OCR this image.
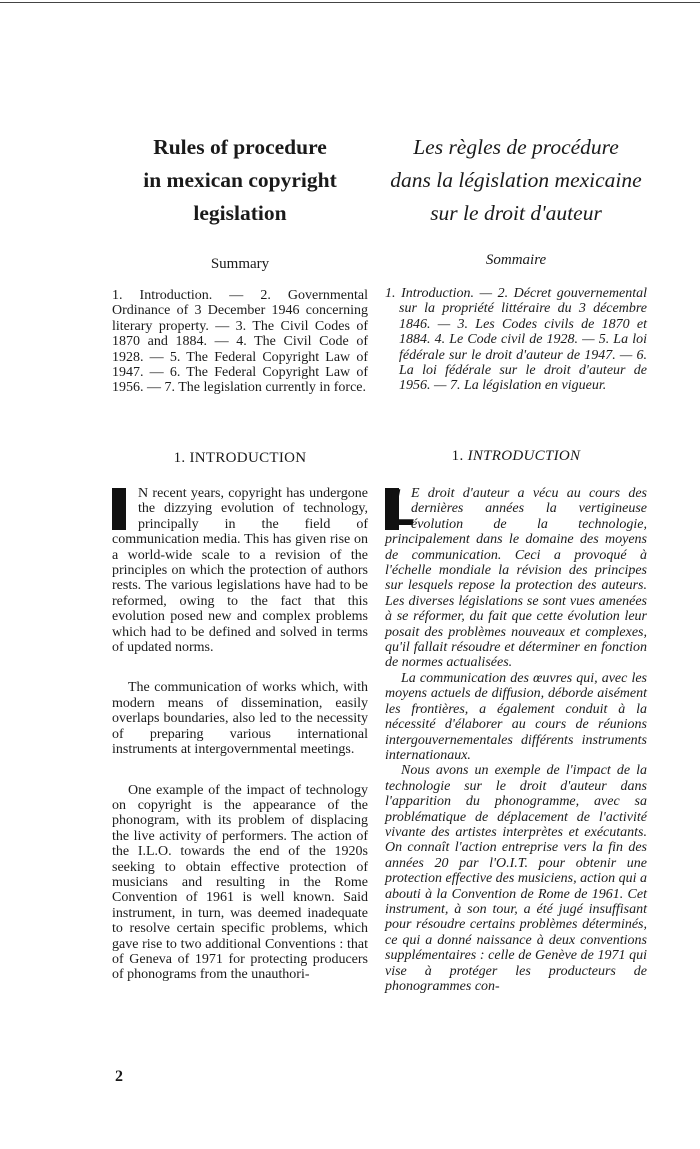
Rules of procedure
in mexican copyright
legislation
Summary
1. Introduction. — 2. Governmental Ordinance of 3 December 1946 concerning literary property. — 3. The Civil Codes of 1870 and 1884. — 4. The Civil Code of 1928. — 5. The Federal Copyright Law of 1947. — 6. The Federal Copyright Law of 1956. — 7. The legislation currently in force.
1. INTRODUCTION

I N recent years, copyright has undergone the dizzying evolution of technology, principally in the field of communication media. This has given rise on a world-wide scale to a revision of the principles on which the protection of authors rests. The various legislations have had to be reformed, owing to the fact that this evolution posed new and complex problems which had to be defined and solved in terms of updated norms.

The communication of works which, with modern means of dissemination, easily overlaps boundaries, also led to the necessity of preparing various international instruments at intergovernmental meetings.

One example of the impact of technology on copyright is the appearance of the phonogram, with its problem of displacing the live activity of performers. The action of the I.L.O. towards the end of the 1920s seeking to obtain effective protection of musicians and resulting in the Rome Convention of 1961 is well known. Said instrument, in turn, was deemed inadequate to resolve certain specific problems, which gave rise to two additional Conventions : that of Geneva of 1971 for protecting producers of phonograms from the unauthori-

Les règles de procédure
dans la législation mexicaine
sur le droit d'auteur
Sommaire
1. Introduction. — 2. Décret gouvernemental sur la propriété littéraire du 3 décembre 1846. — 3. Les Codes civils de 1870 et 1884. 4. Le Code civil de 1928. — 5. La loi fédérale sur le droit d'auteur de 1947. — 6. La loi fédérale sur le droit d'auteur de 1956. — 7. La législation en vigueur.
1. INTRODUCTION

L
E droit d'auteur a vécu au cours des dernières années la vertigineuse évolution de la technologie, principalement dans le domaine des moyens de communication. Ceci a provoqué à l'échelle mondiale la révision des principes sur lesquels repose la protection des auteurs. Les diverses législations se sont vues amenées à se réformer, du fait que cette évolution leur posait des problèmes nouveaux et complexes, qu'il fallait résoudre et déterminer en fonction de normes actualisées.

La communication des œuvres qui, avec les moyens actuels de diffusion, déborde aisément les frontières, a également conduit à la nécessité d'élaborer au cours de réunions intergouvernementales différents instruments internationaux.

Nous avons un exemple de l'impact de la technologie sur le droit d'auteur dans l'apparition du phonogramme, avec sa problématique de déplacement de l'activité vivante des artistes interprètes et exécutants. On connaît l'action entreprise vers la fin des années 20 par l'O.I.T. pour obtenir une protection effective des musiciens, action qui a abouti à la Convention de Rome de 1961. Cet instrument, à son tour, a été jugé insuffisant pour résoudre certains problèmes déterminés, ce qui a donné naissance à deux conventions supplémentaires : celle de Genève de 1971 qui vise à protéger les producteurs de phonogrammes con-

2
